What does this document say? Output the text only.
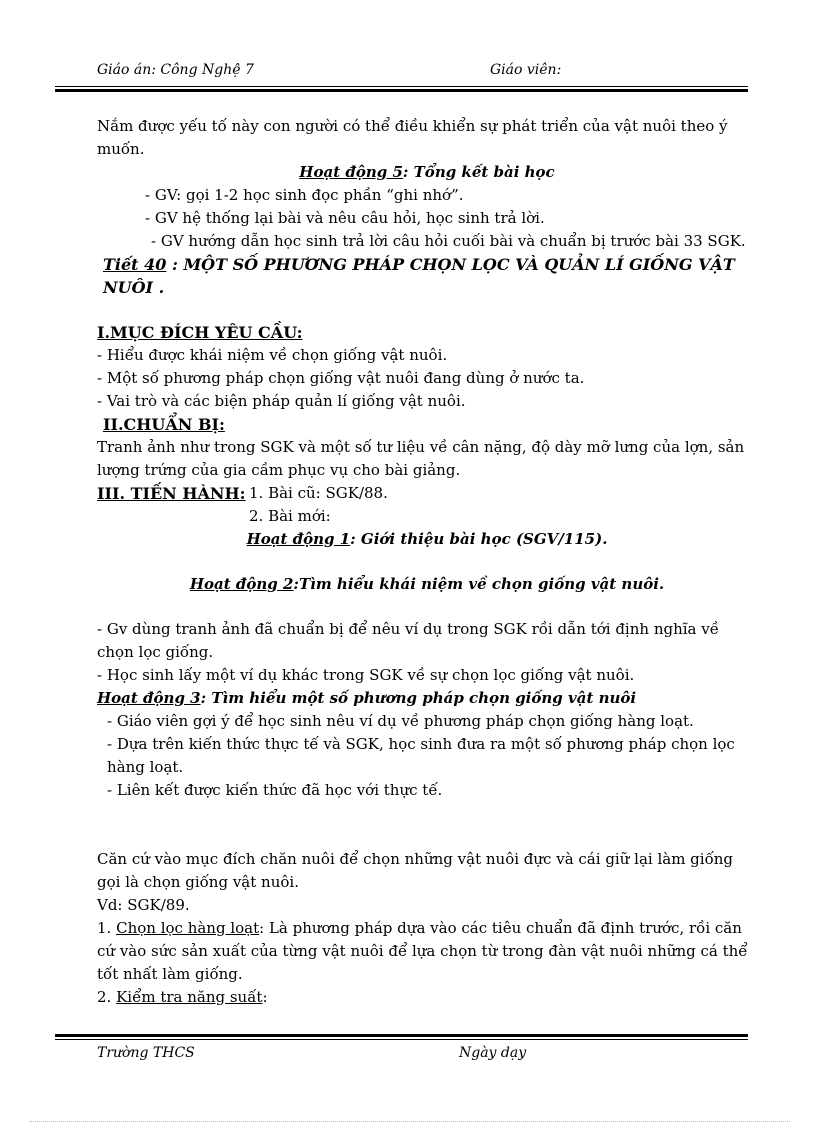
Giáo án: Công Nghệ 7	Giáo viên:

Nắm được yếu tố này con người có thể điều khiển sự phát triển của vật nuôi theo ý muốn.

Hoạt động 5: Tổng kết bài học

- GV: gọi 1-2 học sinh đọc phần “ghi nhớ”.

- GV hệ thống lại bài và nêu câu hỏi, học sinh trả lời.

- GV hướng dẫn học sinh trả lời câu hỏi cuối bài và chuẩn bị trước bài 33 SGK.

Tiết 40 : MỘT SỐ PHƯƠNG PHÁP CHỌN LỌC VÀ QUẢN LÍ GIỐNG VẬT NUÔI .

I.MỤC ĐÍCH YÊU CẦU:

- Hiểu được khái niệm về chọn giống vật nuôi.

- Một số phương pháp chọn giống vật nuôi đang dùng ở nước ta.

- Vai trò và các biện pháp quản lí giống vật nuôi.

II.CHUẨN BỊ:

Tranh ảnh như trong SGK và một số tư liệu về cân nặng, độ dày mỡ lưng của lợn, sản lượng trứng của gia cầm phục vụ cho bài giảng.

III. TIẾN HÀNH: 1. Bài cũ: SGK/88.
2. Bài mới:

Hoạt động 1: Giới thiệu bài học (SGV/115).

Hoạt động 2:Tìm hiểu khái niệm về chọn giống vật nuôi.

- Gv dùng tranh ảnh đã chuẩn bị để nêu ví dụ trong SGK rồi dẫn tới định nghĩa về chọn lọc giống.

- Học sinh lấy một ví dụ khác trong SGK về sự chọn lọc giống vật nuôi.

Hoạt động 3: Tìm hiểu một số phương pháp chọn giống vật nuôi

- Giáo viên gợi ý để học sinh nêu ví dụ về phương pháp chọn giống hàng loạt.

- Dựa trên kiến thức thực tế và SGK, học sinh đưa ra một số phương pháp chọn lọc hàng loạt.

- Liên kết được kiến thức đã học với thực tế.

Căn cứ vào mục đích chăn nuôi để chọn những vật nuôi đực và cái giữ lại làm giống gọi là chọn giống vật nuôi.

Vd: SGK/89.

1. Chọn lọc hàng loạt: Là phương pháp dựa vào các tiêu chuẩn đã định trước, rồi căn cứ vào sức sản xuất của từng vật nuôi để lựa chọn từ trong đàn vật nuôi những cá thể tốt nhất làm giống.

2. Kiểm tra năng suất:

Trường THCS	Ngày dạy
